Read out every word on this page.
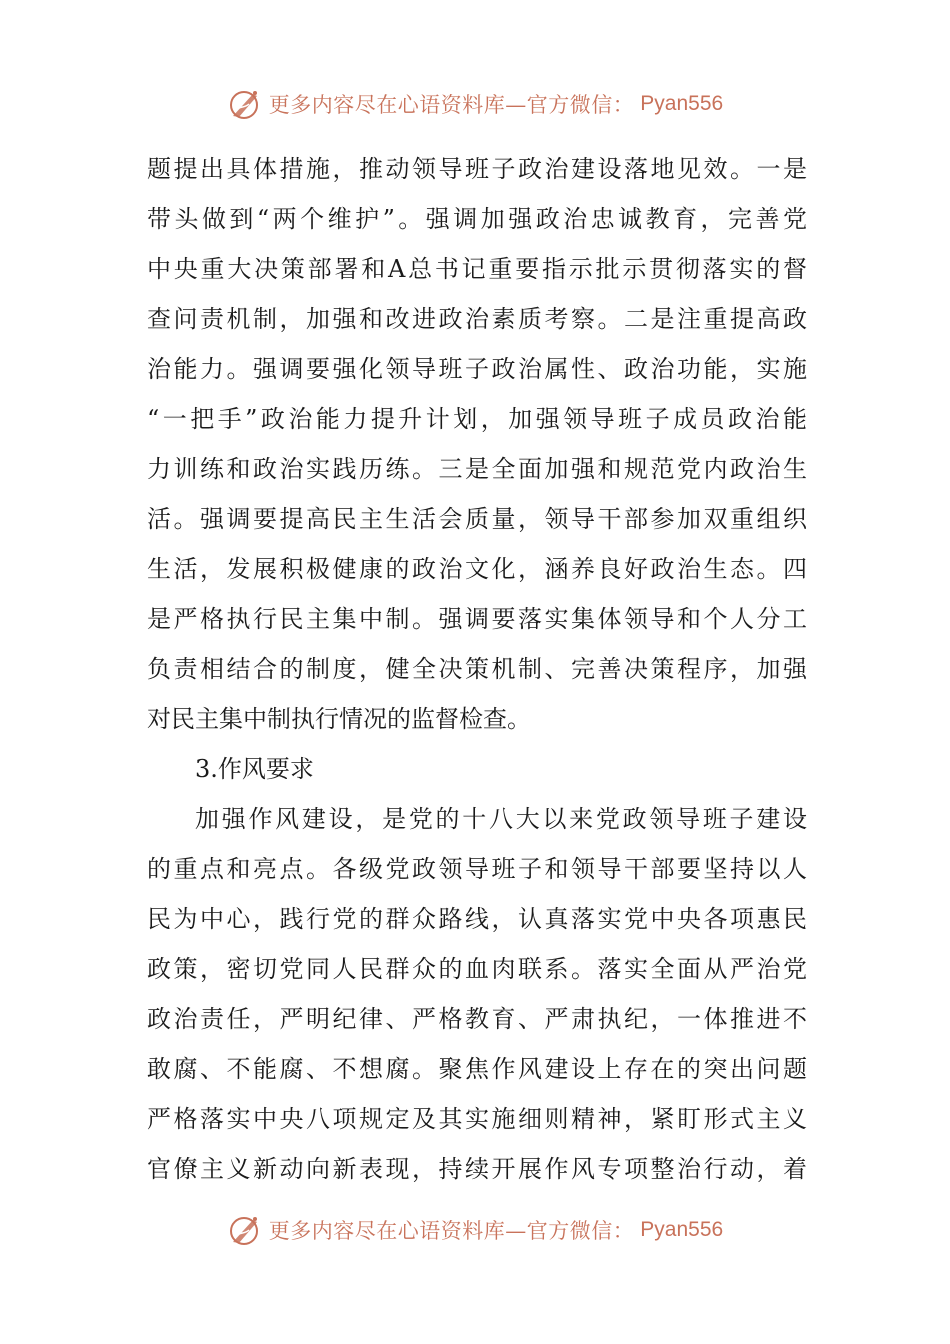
更多内容尽在心语资料库—官方微信： Pyan556
题提出具体措施，推动领导班子政治建设落地见效。一是
带头做到“两个维护”。强调加强政治忠诚教育，完善党
中央重大决策部署和A总书记重要指示批示贯彻落实的督
查问责机制，加强和改进政治素质考察。二是注重提高政
治能力。强调要强化领导班子政治属性、政治功能，实施
“一把手”政治能力提升计划，加强领导班子成员政治能
力训练和政治实践历练。三是全面加强和规范党内政治生
活。强调要提高民主生活会质量，领导干部参加双重组织
生活，发展积极健康的政治文化，涵养良好政治生态。四
是严格执行民主集中制。强调要落实集体领导和个人分工
负责相结合的制度，健全决策机制、完善决策程序，加强
对民主集中制执行情况的监督检查。
3.作风要求
加强作风建设，是党的十八大以来党政领导班子建设
的重点和亮点。各级党政领导班子和领导干部要坚持以人
民为中心，践行党的群众路线，认真落实党中央各项惠民
政策，密切党同人民群众的血肉联系。落实全面从严治党
政治责任，严明纪律、严格教育、严肃执纪，一体推进不
敢腐、不能腐、不想腐。聚焦作风建设上存在的突出问题
严格落实中央八项规定及其实施细则精神，紧盯形式主义
官僚主义新动向新表现，持续开展作风专项整治行动，着
更多内容尽在心语资料库—官方微信： Pyan556
